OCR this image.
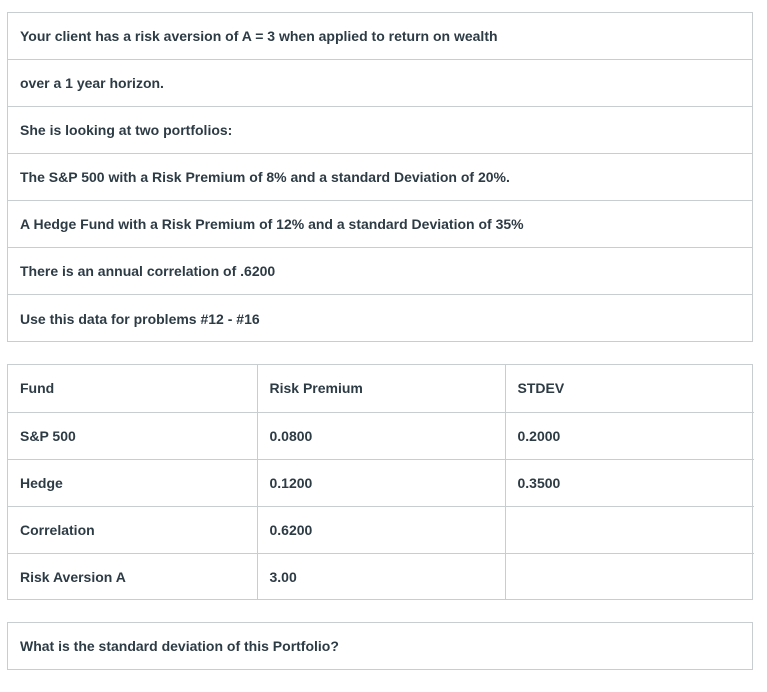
Your client has a risk aversion of A = 3 when applied to return on wealth
over a 1 year horizon.
She is looking at two portfolios:
The S&P 500 with a Risk Premium of 8% and a standard Deviation of 20%.
A Hedge Fund with a Risk Premium of 12% and a standard Deviation of 35%
There is an annual correlation of .6200
Use this data for problems #12 - #16
Fund	Risk Premium	STDEV
S&P 500	0.0800	0.2000
Hedge	0.1200	0.3500
Correlation	0.6200	
Risk Aversion A	3.00	
What is the standard deviation of this Portfolio?
